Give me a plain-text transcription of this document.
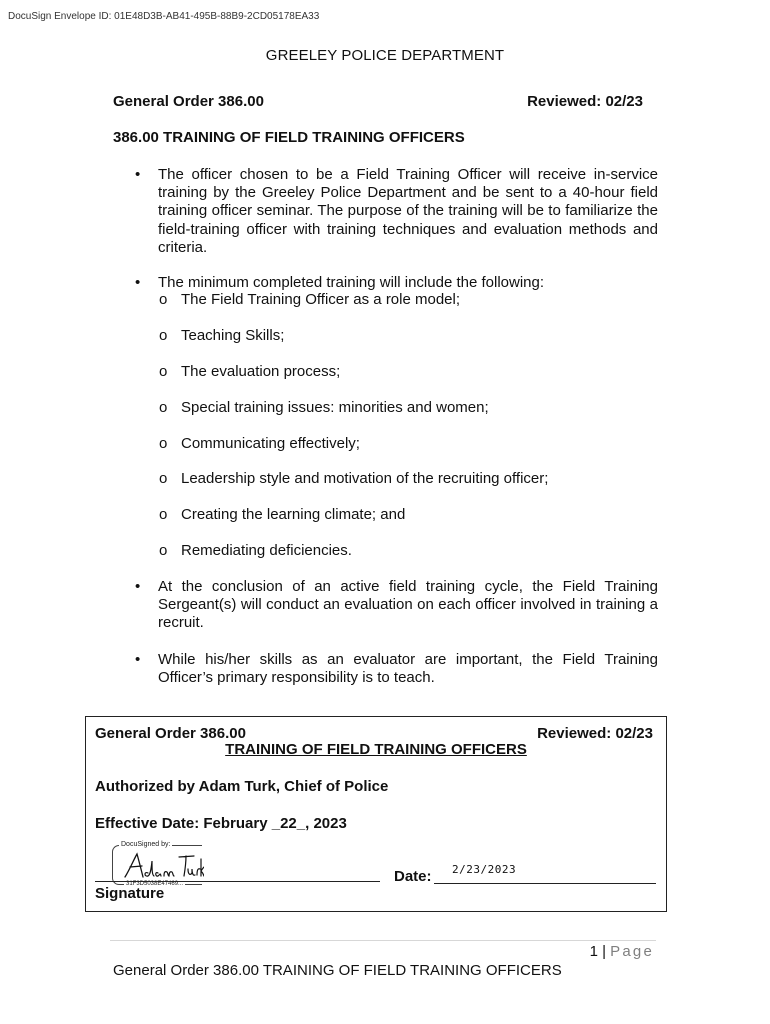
DocuSign Envelope ID: 01E48D3B-AB41-495B-88B9-2CD05178EA33
GREELEY POLICE DEPARTMENT
General Order 386.00	Reviewed: 02/23
386.00 TRAINING OF FIELD TRAINING OFFICERS
• The officer chosen to be a Field Training Officer will receive in-service training by the Greeley Police Department and be sent to a 40-hour field training officer seminar. The purpose of the training will be to familiarize the field-training officer with training techniques and evaluation methods and criteria.
• The minimum completed training will include the following:
o The Field Training Officer as a role model;
o Teaching Skills;
o The evaluation process;
o Special training issues: minorities and women;
o Communicating effectively;
o Leadership style and motivation of the recruiting officer;
o Creating the learning climate; and
o Remediating deficiencies.
• At the conclusion of an active field training cycle, the Field Training Sergeant(s) will conduct an evaluation on each officer involved in training a recruit.
• While his/her skills as an evaluator are important, the Field Training Officer’s primary responsibility is to teach.
General Order 386.00	Reviewed: 02/23
TRAINING OF FIELD TRAINING OFFICERS
Authorized by Adam Turk, Chief of Police
Effective Date: February _22_, 2023
DocuSigned by:
31F3D5038E47469...
Signature
Date: 2/23/2023
1 | Page
General Order 386.00 TRAINING OF FIELD TRAINING OFFICERS
